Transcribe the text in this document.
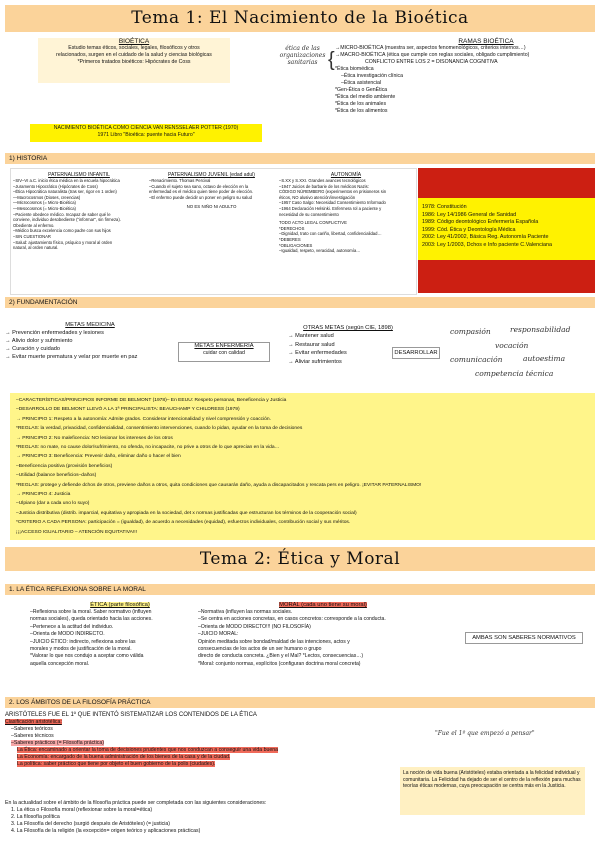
Tema 1: El Nacimiento de la Bioética
BIOÉTICA
Estudio temas éticos, sociales, legales, filosóficos y otros
relacionados, surgen en el cuidado de la salud y ciencias biológicas
*Primeros tratados bioéticos: Hipócrates de Coss
ética de las
organizaciones
sanitarias {
RAMAS BIOÉTICA
→MICRO-BIOÉTICA (muestra ser, aspectos fenomenológicos, criterios internos…)
→MACRO-BIOÉTICA (ética que cumple con reglas sociales, obligado cumplimiento)
CONFLICTO ENTRE LOS 2 = DISONANCIA COGNITIVA
*Ética biomédica
–Ética investigación clínica
–Ética asistencial
*Gen-Ética o GenÉtica
*Ética del medio ambiente
*Ética de los animales
*Ética de los alimentos
NACIMIENTO BIOÉTICA COMO CIENCIA VAN RENSSELAER POTTER (1970)
1971 Libro "Bioética: puente hacia Futuro"
1) HISTORIA
PATERNALISMO INFANTIL
–SIV–VI a.C. inicio ética médica en la escuela hipocrática
–Juramento Hipocrático (Hipócrates de Coss)
–Ética Hipocrática naturalista (tras ser, rigor en 1 orden)
—Macrocosmos (Dioses, creencias)
—Microcosmos (= Micro-Bioética)
—Mesocosmos (= Micro-Bioética)
–Paciente obedece médico. Incapaz de saber qué le
conviene, individuo desobediente ("informar", sin firmeza).
Obediente al enfermo.
–Médico busca excelencia como padre con sus hijos
–SIN CUESTIONAR
–Salud: ajustamiento físico, psíquico y moral al orden
natural, al orden natural.
PATERNALISMO JUVENIL (edad adul)
–Renacimiento. Thomas Percival
–Cuando el sujeto sea sano, octavo de elección en la
enfermedad es el médico quien tiene poder de elección.
–El enfermo puede decidir un poner en peligro su salud
NO ES NIÑO NI ADULTO
AUTONOMÍA
–S.XX y S.XXI. Grandes avances tecnológicos
–1947 Juicios de barbarie de los médicos Nazis:
CÓDIGO NÚREMBERG (experimentos en prisioneros sin
éticos, NO alusivo atención/investigación
–1957 Caso Salgo: Necesidad Consentimiento Informado
–1964 Declaración Helsinki. Enfermera rol a paciente y
necesidad de su consentimiento
TODO ACTO LEGAL CONFLICTIVE
*DERECHOS
–Dignidad, trato con cariño, libertad, confidencialidad…
*DEBERES
*OBLIGACIONES
–Igualdad, respeto, veracidad, autonomía…
1978: Constitución
1986: Ley 14/1986 General de Sanidad
1989: Código deontológico Enfermería Española
1999: Cód. Ética y Deontología Médica
2002: Ley 41/2002, Básica Reg. Autonomía Paciente
2003: Ley 1/2003, Dchos e Info paciente C.Valenciana
2) FUNDAMENTACIÓN
METAS MEDICINA
→ Prevención enfermedades y lesiones
→ Alivio dolor y sufrimiento
→ Curación y cuidado
→ Evitar muerte prematura y velar por muerte en paz
METAS ENFERMERÍA
cuidar con calidad
OTRAS METAS (según CIE, 1898)
→ Mantener salud
→ Restaurar salud
→ Evitar enfermedades
→ Aliviar sufrimientos
DESARROLLAR
compasión	responsabilidad
vocación
comunicación	autoestima
competencia técnica
–CARACTERÍSTICAS/PRINCIPIOS INFORME DE BELMONT (1978)– En EEUU: Respeto personas, Beneficencia y Justicia
–DESARROLLO DE BELMONT LLEVÓ A LA 1ª PRINCIPALISTA: BEAUCHAMP Y CHILDRESS (1979)
→ PRINCIPIO 1: Respeto a la autonomía: Admite grados. Considerar intencionalidad y nivel comprensión y coacción.
*REGLAS: la verdad, privacidad, confidencialidad, consentimiento intervenciones, cuando lo pidan, ayudar en la toma de decisiones
→ PRINCIPIO 2: No maleficencia: NO lesionar los intereses de los otros
*REGLAS: no mate, no cause dolor/sufrimiento, no ofenda, no incapacite, no prive a otros de lo que aprecian en la vida…
→ PRINCIPIO 3: Beneficencia: Prevenir daño, eliminar daño o hacer el bien
–Beneficencia positiva (provisión beneficios)
–Utilidad (balance beneficios–daños)
*REGLAS: protege y defiende dchos de otros, previene daños a otros, quita condiciones que causarán daño, ayuda a discapacitados y rescata pers en peligro. ¡EVITAR PATERNALISMO!
→ PRINCIPIO 4: Justicia
–Ulpiano (dar a cada uno lo suyo)
–Justicia distributiva (distrib. imparcial, equitativa y apropiada en la sociedad, det x normas justificadas que estructuran los términos de la cooperación social)
*CRITERIO A CADA PERSONA: participación = (igualdad), de acuerdo a necesidades (equidad), esfuerzos individuales, contribución social y sus méritos.
¡¡¡ACCESO IGUALITARIO – ATENCIÓN EQUITATIVA!!!
Tema 2: Ética y Moral
1. LA ÉTICA REFLEXIONA SOBRE LA MORAL
ÉTICA (parte filosófica)
–Reflexiona sobre la moral. Saber normativo (influyen
normas sociales), queda orientado hacia las acciones.
–Pertenece a la actitud del individuo.
–Orienta de MODO INDIRECTO.
–JUICIO ÉTICO: indirecto, reflexiona sobre las
morales y modos de justificación de la moral.
*Valorar lo que nos condujo a aceptar como válida
aquella concepción moral.
MORAL (cada uno tiene su moral)
–Normativa (influyen las normas sociales.
–Se centra en acciones concretas, en casos concretos: corresponde a la conducta.
–Orienta de MODO DIRECTO!!! (NO FILOSOFÍA)
–JUICIO MORAL:
Opinión meditada sobre bondad/maldad de las intenciones, actos y
consecuencias de los actos de un ser humano o grupo
directo de conducta concreta. ¿Bien y el Mal? *Lectos, consecuencias…)
*Moral: conjunto normas, explícitos (configuran doctrina moral concreta)
AMBAS SON SABERES NORMATIVOS
2. LOS ÁMBITOS DE LA FILOSOFÍA PRÁCTICA
ARISTÓTELES FUE EL 1º QUE INTENTÓ SISTEMATIZAR LOS CONTENIDOS DE LA ÉTICA
Clasificación aristotélica:
–Saberes teóricos
–Saberes técnicos
–Saberes prácticos (= Filosofía práctica)
La Ética: encaminado a orientar la toma de decisiones prudentes que nos conduzcan a conseguir una vida buena
La Economía: encargado de la buena administración de los bienes de la casa y de la ciudad.
La política: saber práctico que tiene por objeto el buen gobierno de la polis (ciudades).
"Fue el 1º que empezó a pensar"
La noción de vida buena (Aristóteles) estaba orientada a la felicidad individual y comunitaria. La Felicidad ha dejado de ser el centro de la reflexión para muchas teorías éticas modernas, cuya preocupación se centra más en la Justicia.
En la actualidad sobre el ámbito de la filosofía práctica puede ser completada con las siguientes consideraciones:
1. La ética o Filosofía moral (reflexionar sobre la moral=ética)
2. La filosofía política
3. La Filosofía del derecho (surgió después de Aristóteles) (= justicia)
4. La Filosofía de la religión (la excepción= origen teórico y aplicaciones prácticas)
